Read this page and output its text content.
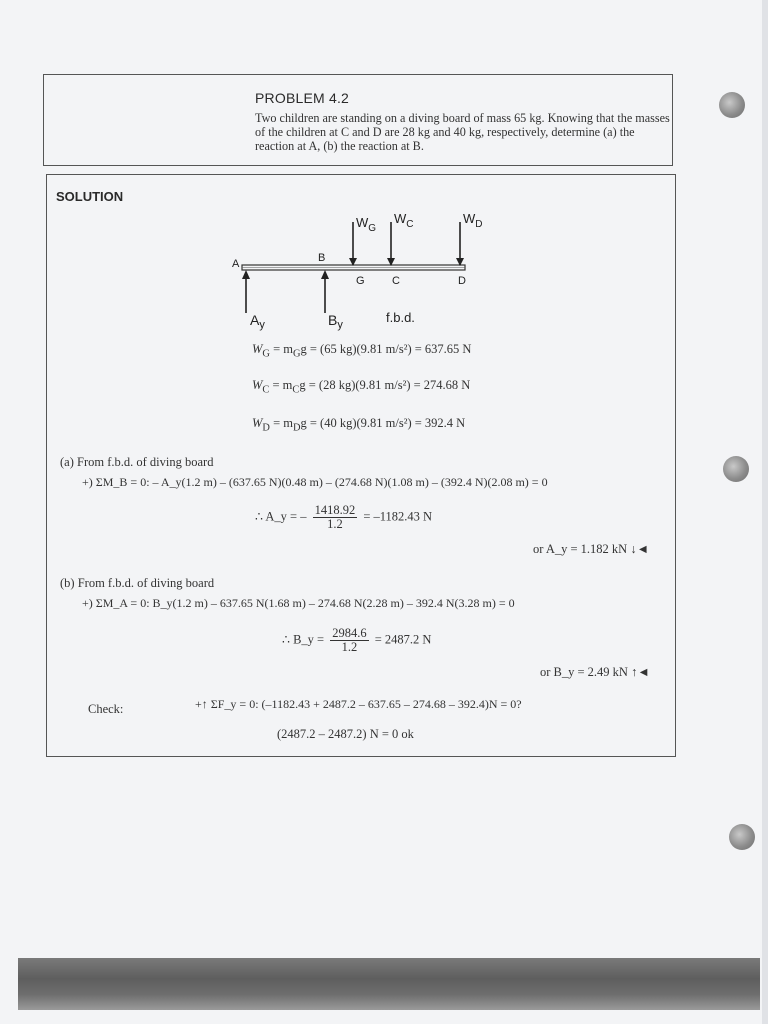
PROBLEM 4.2
Two children are standing on a diving board of mass 65 kg. Knowing that the masses of the children at C and D are 28 kg and 40 kg, respectively, determine (a) the reaction at A, (b) the reaction at B.
SOLUTION
$W_G$
$W_C$	$W_D$
A	B
G C	D
$A_y$	$B_y$	f.b.d.
$W_G = m_Gg = (65$ kg)(9.81 m/s²) = 637.65 N
$W_C = m_Cg = (28$ kg)(9.81 m/s²) = 274.68 N
$W_D = m_Dg = (40$ kg)(9.81 m/s²) = 392.4 N
(a) From f.b.d. of diving board
+) ΣM_B = 0: – A_y(1.2 m) – (637.65 N)(0.48 m) – (274.68 N)(1.08 m) – (392.4 N)(2.08 m) = 0
∴ A_y = – $\frac{1418.92}{1.2} = -1182.43$ N
or A_y = 1.182 kN ↓◄
(b) From f.b.d. of diving board
+) ΣM_A = 0: B_y(1.2 m) – 637.65 N(1.68 m) – 274.68 N(2.28 m) – 392.4 N(3.28 m) = 0
∴ B_y = $\frac{2984.6}{1.2} = 2487.2$ N
or B_y = 2.49 kN ↑◄
Check:	+↑ ΣF_y = 0: (–1182.43 + 2487.2 – 637.65 – 274.68 – 392.4)N = 0?
(2487.2 – 2487.2) N = 0 ok
